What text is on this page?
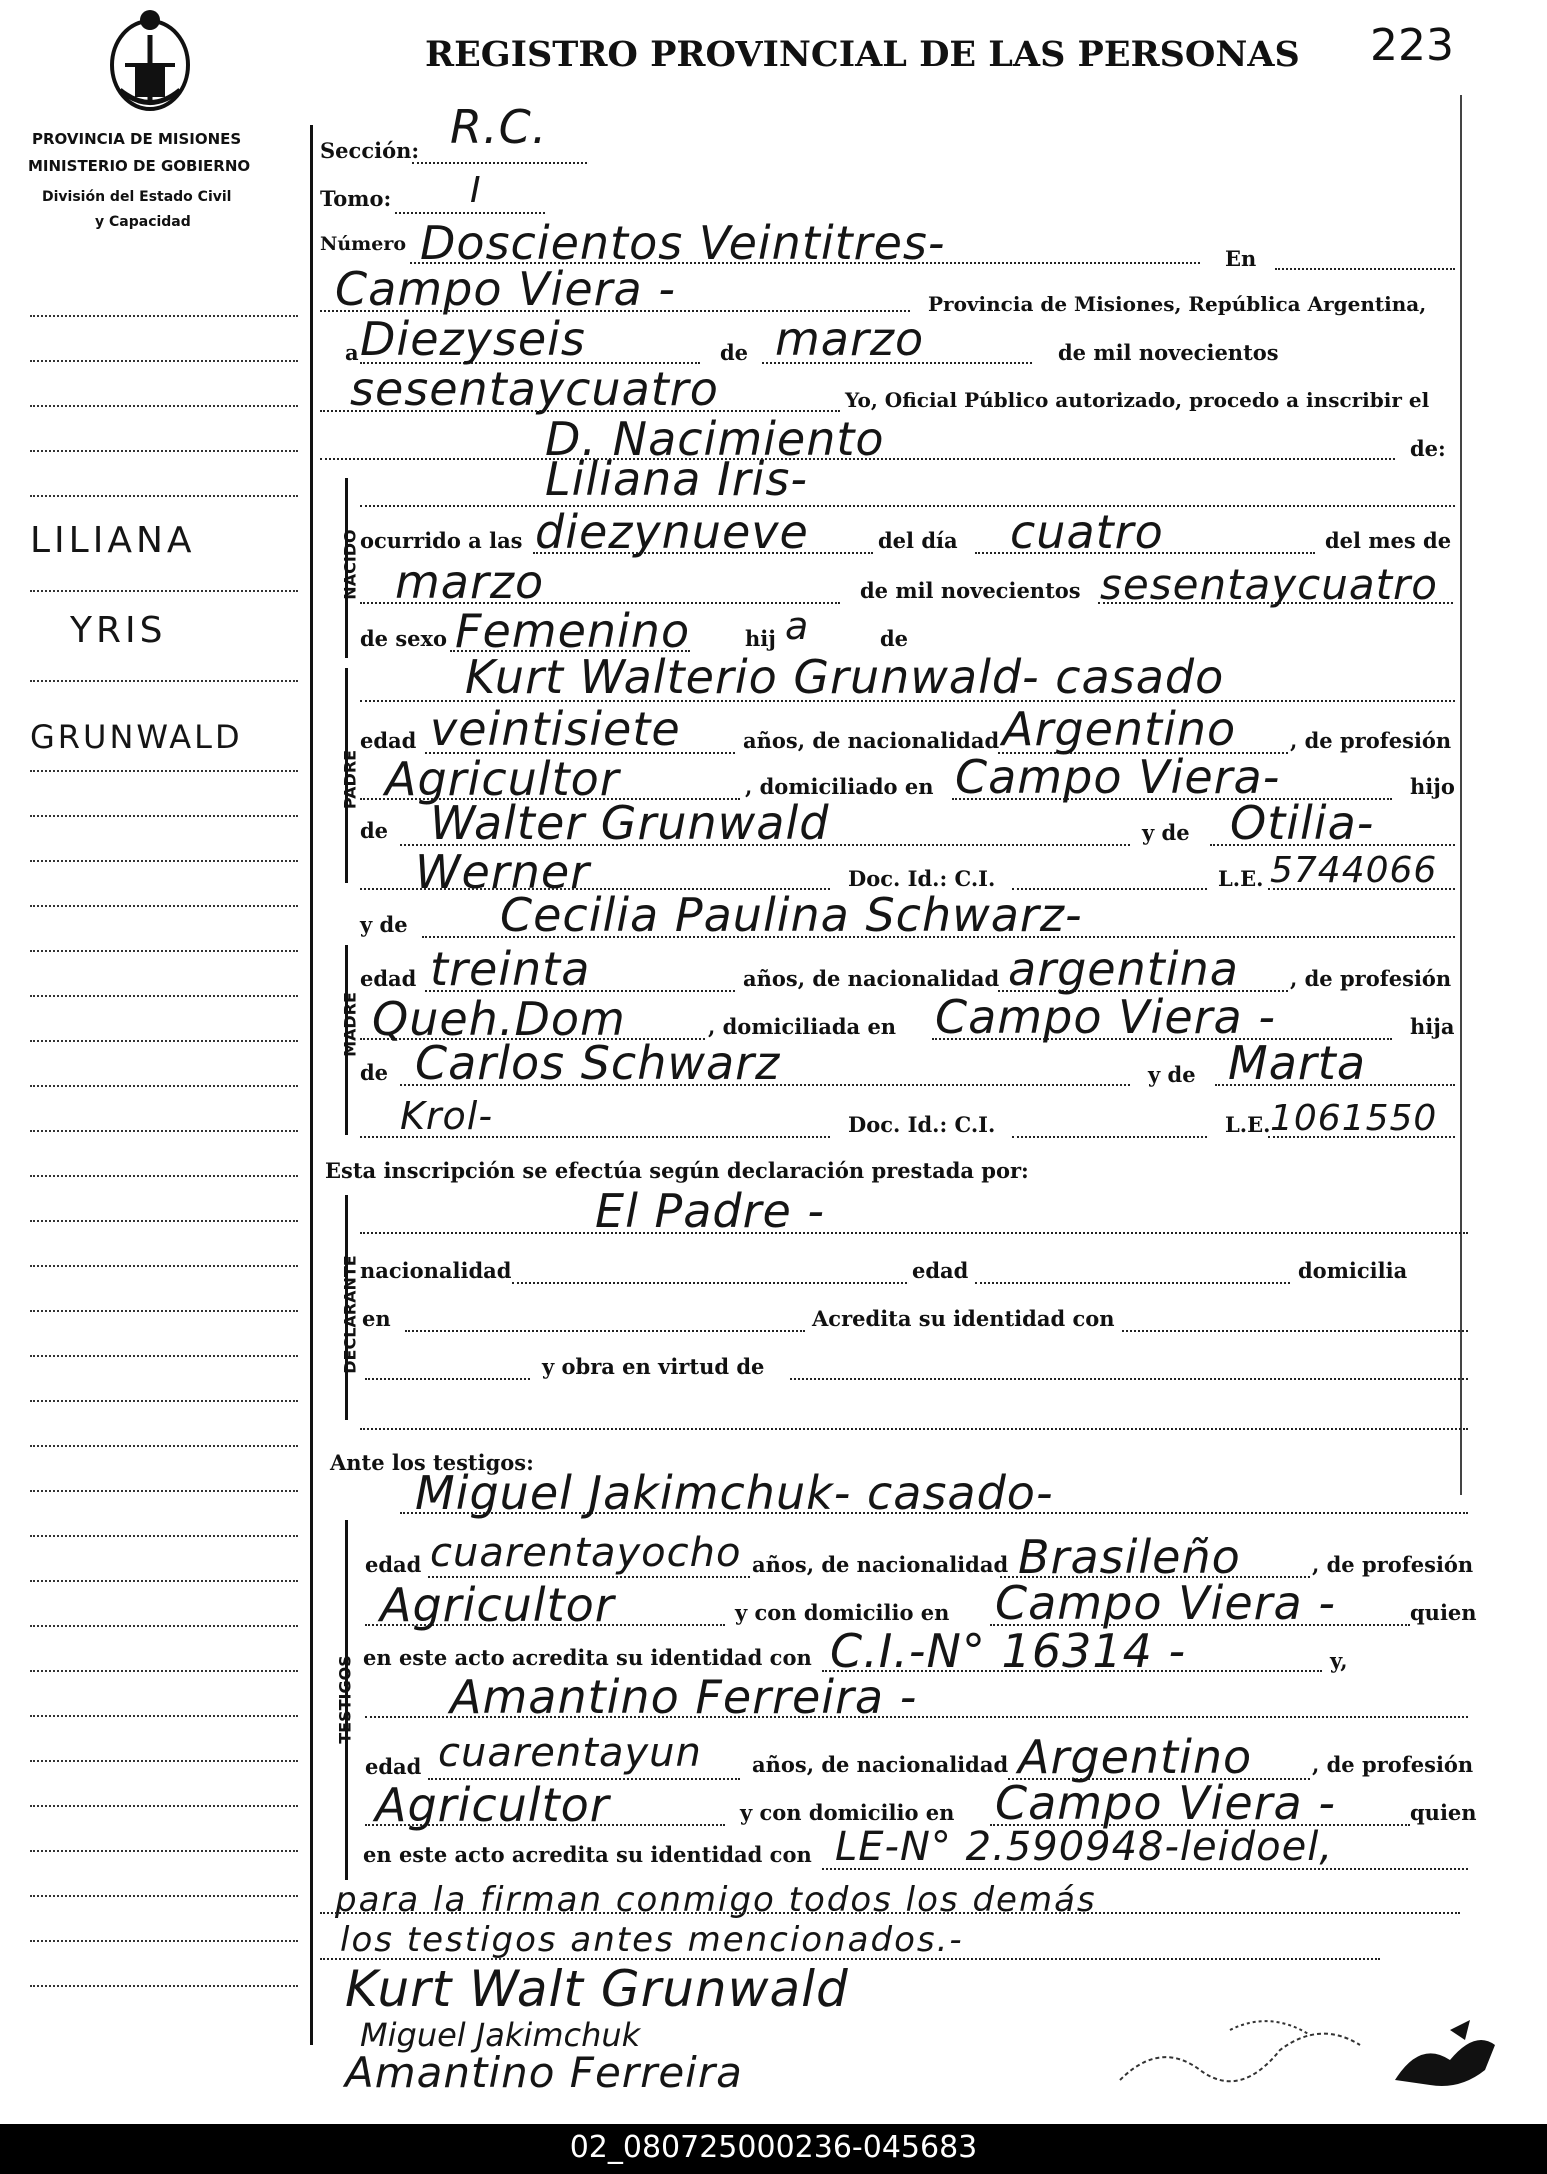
REGISTRO PROVINCIAL DE LAS PERSONAS 223
PROVINCIA DE MISIONES
MINISTERIO DE GOBIERNO
División del Estado Civil
y Capacidad
LILIANA
YRIS
GRUNWALD
Sección: R.C.
Tomo: I
Número Doscientos Veintitres-	En
Campo Viera -	Provincia de Misiones, República Argentina,
a Diezyseis	de marzo	de mil novecientos
sesentaycuatro	Yo, Oficial Público autorizado, procedo a inscribir el
D. Nacimiento	de:
NACIDO
Liliana Iris-
ocurrido a las diezynueve	del día cuatro	del mes de
marzo	de mil novecientos sesentaycuatro
de sexo Femenino	hij a	de
PADRE
Kurt Walterio Grunwald- casado
edad veintisiete	años, de nacionalidad Argentino	, de profesión
Agricultor	, domiciliado en Campo Viera-	hijo
de Walter Grunwald	y de Otilia-
Werner	Doc. Id.: C.I.	L.E. 5744066
y de Cecilia Paulina Schwarz-
MADRE
edad treinta	años, de nacionalidad argentina , de profesión
Queh.Dom	, domiciliada en Campo Viera -	hija
de Carlos Schwarz	y de Marta
Krol-	Doc. Id.: C.I.	L.E. 1061550
Esta inscripción se efectúa según declaración prestada por:
DECLARANTE
El Padre -
nacionalidad	edad	domicilia
en	Acredita su identidad con
y obra en virtud de
Ante los testigos:
Miguel Jakimchuk- casado-
TESTIGOS
edad cuarentayocho años, de nacionalidad Brasileño	, de profesión
Agricultor	y con domicilio en Campo Viera -	quien
en este acto acredita su identidad con C.I.-N° 16314 -	y,
Amantino Ferreira -
edad cuarentayun años, de nacionalidad Argentino	, de profesión
Agricultor	y con domicilio en Campo Viera -	quien
en este acto acredita su identidad con LE-N° 2.590948-leidoel,
para la firman conmigo todos los demás
los testigos antes mencionados.-
Kurt Walt Grunwald
Miguel Jakimchuk
Amantino Ferreira
02_080725000236-045683
